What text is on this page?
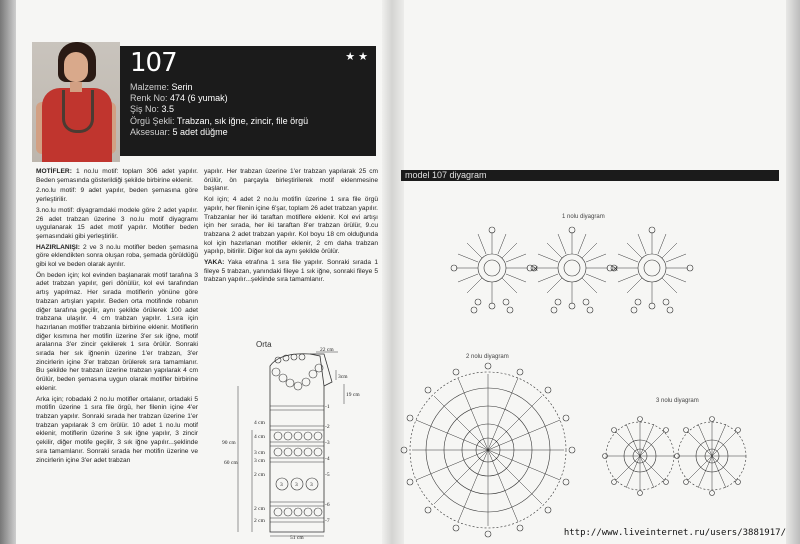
107	★ ★
Malzeme: Serin
Renk No: 474 (6 yumak)
Şiş No: 3.5
Örgü Şekli: Trabzan, sık iğne, zincir, file örgü
Aksesuar: 5 adet düğme

MOTİFLER: 1 no.lu motif: toplam 306 adet yapılır. Beden şemasında gösterildiği şekilde birbirine eklenir.

2.no.lu motif: 9 adet yapılır, beden şemasına göre yerleştirilir.

3.no.lu motif: diyagramdaki modele göre 2 adet yapılır. 26 adet trabzan üzerine 3 no.lu motif diyagramı uygulanarak 15 adet motif yapılır. Motifler beden şemasındaki gibi yerleştirilir.

HAZIRLANIŞI: 2 ve 3 no.lu motifler beden şemasına göre eklendikten sonra oluşan roba, şemada görüldüğü gibi kol ve beden olarak ayrılır.

Ön beden için; kol evinden başlanarak motif tarafına 3 adet trabzan yapılır, geri dönülür, kol evi tarafından artış yapılmaz. Her sırada motiflerin yönüne göre trabzan artışları yapılır. Beden orta motifinde robanın diğer tarafına geçilir, aynı şekilde örülerek 100 adet trabzana ulaşılır. 4 cm trabzan yapılır. 1.sıra için hazırlanan motifler trabzanla birbirine eklenir. Motiflerin diğer kısmına her motifin üzerine 3'er sık iğne, motif aralarına 3'er zincir çekilerek 1 sıra örülür. Sonraki sırada her sık iğnenin üzerine 1'er trabzan, 3'er zincirlerin içine 3'er trabzan örülerek sıra tamamlanır. Bu şekilde her trabzan üzerine trabzan yapılarak 4 cm örülür, beden şemasına uygun olarak motifler birbirine eklenir.

Arka için; robadaki 2 no.lu motifler ortalanır, ortadaki 5 motifin üzerine 1 sıra file örgü, her filenin içine 4'er trabzan yapılır. Sonraki sırada her trabzan üzerine 1'er trabzan yapılarak 3 cm örülür. 10 adet 1 no.lu motif eklenir, motiflerin üzerine 3 sık iğne yapılır, 3 zincir çekilir, diğer motife geçilir, 3 sık iğne yapılır...şeklinde sıra tamamlanır. Sonraki sırada her motifin üzerine ve zincirlerin içine 3'er adet trabzan

yapılır. Her trabzan üzerine 1'er trabzan yapılarak 25 cm örülür, ön parçayla birleştirilerek motif eklenmesine başlanır.

Kol için; 4 adet 2 no.lu motifin üzerine 1 sıra file örgü yapılır, her filenin içine 6'şar, toplam 26 adet trabzan yapılır. Trabzanlar her iki taraftan motiflere eklenir. Kol evi artışı için her sırada, her iki taraftan 8'er trabzan örülür, 9.cu trabzana 2 adet trabzan yapılır. Kol boyu 18 cm olduğunda kol için hazırlanan motifler eklenir, 2 cm daha trabzan yapılıp, bitirilir. Diğer kol da aynı şekilde örülür.

YAKA: Yaka etrafına 1 sıra file yapılır. Sonraki sırada 1 fileye 5 trabzan, yanındaki fileye 1 sık iğne, sonraki fileye 5 trabzan yapılır...şeklinde sıra tamamlanır.

Orta
3 3 3
22 cm
3cm
19 cm
4 cm
4 cm
3 cm
3 cm
2 cm
2 cm
2 cm
90 cm
60 cm
51 cm
-1
-2
-3
-4
-5
-6
-7
model 107 diyagram
1 nolu diyagram
2 nolu diyagram
3 nolu diyagram
×	×
http://www.liveinternet.ru/users/3881917/
